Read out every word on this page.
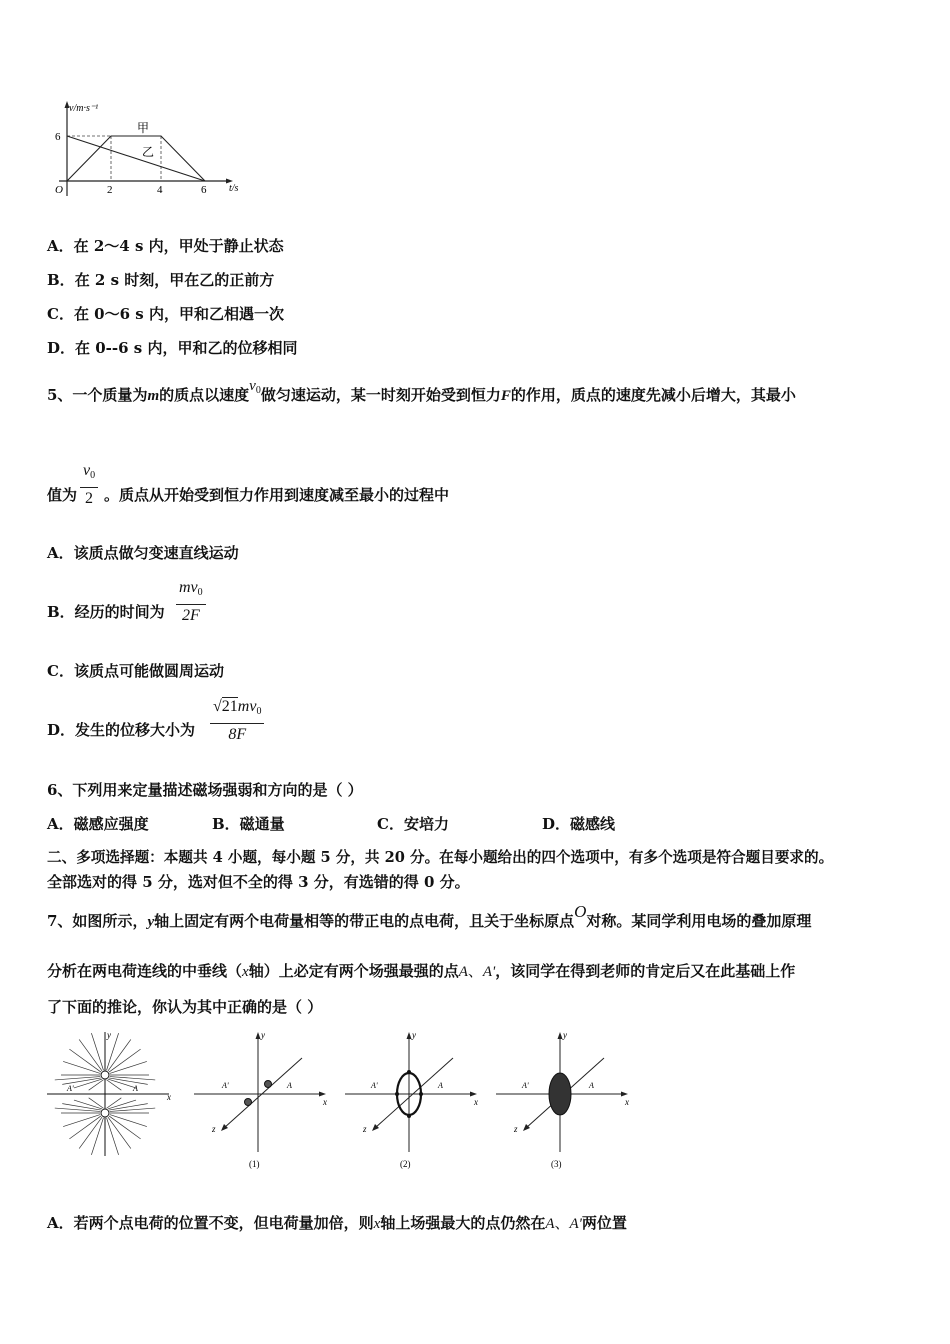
v/m·s⁻¹
t/s
O
6
2	4	6
甲
乙
A．在 2～4 s 内，甲处于静止状态
B．在 2 s 时刻，甲在乙的正前方
C．在 0～6 s 内，甲和乙相遇一次
D．在 0--6 s 内，甲和乙的位移相同
5、一个质量为m的质点以速度$v_0$做匀速运动，某一时刻开始受到恒力F的作用，质点的速度先减小后增大，其最小
值为 $\frac{v_0}{2}$ 。质点从开始受到恒力作用到速度减至最小的过程中
A．该质点做匀变速直线运动
B．经历的时间为 $\frac{mv_0}{2F}$
C．该质点可能做圆周运动
D．发生的位移大小为 $\frac{√21mv_0}{8F}$
6、下列用来定量描述磁场强弱和方向的是（ ）
A．磁感应强度	B．磁通量	C．安培力	D．磁感线
二、多项选择题：本题共 4 小题，每小题 5 分，共 20 分。在每小题给出的四个选项中，有多个选项是符合题目要求的。
全部选对的得 5 分，选对但不全的得 3 分，有选错的得 0 分。
7、如图所示，y轴上固定有两个电荷量相等的带正电的点电荷，且关于坐标原点O对称。某同学利用电场的叠加原理
分析在两电荷连线的中垂线（x轴）上必定有两个场强最强的点A、A'，该同学在得到老师的肯定后又在此基础上作
了下面的推论，你认为其中正确的是（ ）
x
y
A
A'
x
y
z
A
A'
(1)
x
y
z
A
A'
(2)
x
y
z
A
A'
(3)
A．若两个点电荷的位置不变，但电荷量加倍，则x轴上场强最大的点仍然在A、A'两位置
